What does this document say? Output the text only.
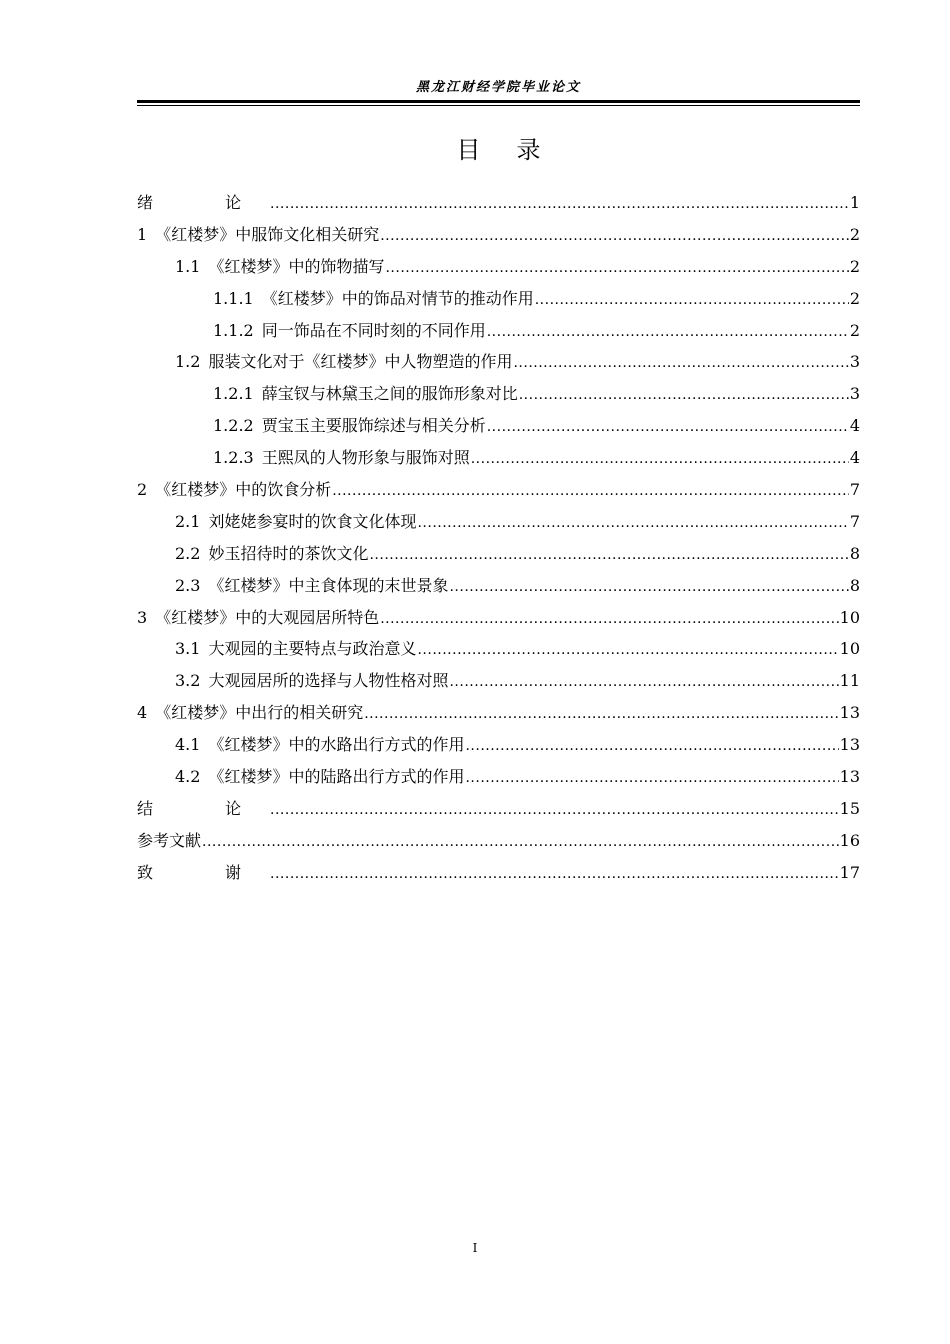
黑龙江财经学院毕业论文
目 录
绪　论 .....	1
1 《红楼梦》中服饰文化相关研究 .....	2
1.1 《红楼梦》中的饰物描写 .....	2
1.1.1 《红楼梦》中的饰品对情节的推动作用 .....	2
1.1.2 同一饰品在不同时刻的不同作用 .....	2
1.2 服装文化对于《红楼梦》中人物塑造的作用 .....	3
1.2.1 薛宝钗与林黛玉之间的服饰形象对比 .....	3
1.2.2 贾宝玉主要服饰综述与相关分析 .....	4
1.2.3 王熙凤的人物形象与服饰对照 .....	4
2 《红楼梦》中的饮食分析 .....	7
2.1 刘姥姥参宴时的饮食文化体现 .....	7
2.2 妙玉招待时的茶饮文化 .....	8
2.3 《红楼梦》中主食体现的末世景象 .....	8
3 《红楼梦》中的大观园居所特色 .....	10
3.1 大观园的主要特点与政治意义 .....	10
3.2 大观园居所的选择与人物性格对照 .....	11
4 《红楼梦》中出行的相关研究 .....	13
4.1 《红楼梦》中的水路出行方式的作用 .....	13
4.2 《红楼梦》中的陆路出行方式的作用 .....	13
结　论 .....	15
参考文献 .....	16
致　谢 .....	17
I
